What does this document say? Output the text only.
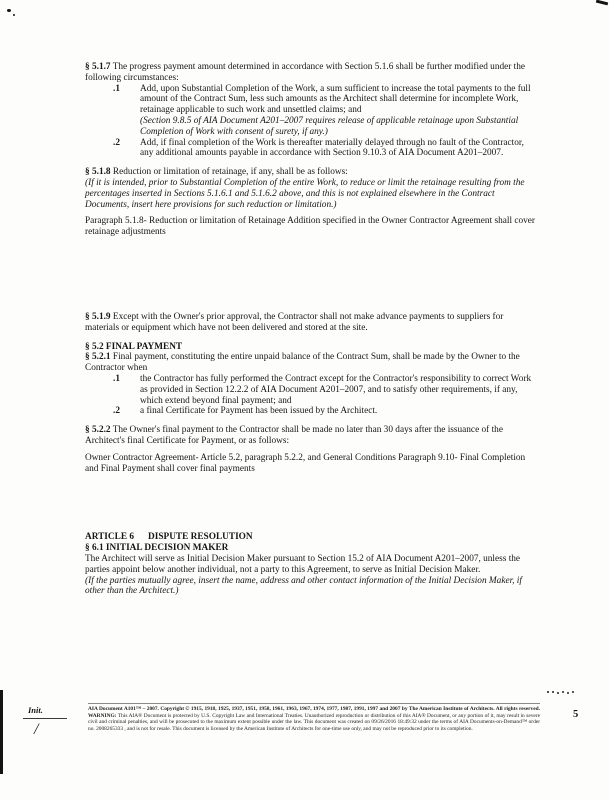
§ 5.1.7 The progress payment amount determined in accordance with Section 5.1.6 shall be further modified under the following circumstances:

.1	Add, upon Substantial Completion of the Work, a sum sufficient to increase the total payments to the full amount of the Contract Sum, less such amounts as the Architect shall determine for incomplete Work, retainage applicable to such work and unsettled claims; and
(Section 9.8.5 of AIA Document A201–2007 requires release of applicable retainage upon Substantial Completion of Work with consent of surety, if any.)
.2	Add, if final completion of the Work is thereafter materially delayed through no fault of the Contractor, any additional amounts payable in accordance with Section 9.10.3 of AIA Document A201–2007.

§ 5.1.8 Reduction or limitation of retainage, if any, shall be as follows:

(If it is intended, prior to Substantial Completion of the entire Work, to reduce or limit the retainage resulting from the percentages inserted in Sections 5.1.6.1 and 5.1.6.2 above, and this is not explained elsewhere in the Contract Documents, insert here provisions for such reduction or limitation.)

Paragraph 5.1.8- Reduction or limitation of Retainage Addition specified in the Owner Contractor Agreement shall cover retainage adjustments

§ 5.1.9 Except with the Owner's prior approval, the Contractor shall not make advance payments to suppliers for materials or equipment which have not been delivered and stored at the site.

§ 5.2 FINAL PAYMENT

§ 5.2.1 Final payment, constituting the entire unpaid balance of the Contract Sum, shall be made by the Owner to the Contractor when

.1	the Contractor has fully performed the Contract except for the Contractor's responsibility to correct Work as provided in Section 12.2.2 of AIA Document A201–2007, and to satisfy other requirements, if any, which extend beyond final payment; and
.2	a final Certificate for Payment has been issued by the Architect.

§ 5.2.2 The Owner's final payment to the Contractor shall be made no later than 30 days after the issuance of the Architect's final Certificate for Payment, or as follows:

Owner Contractor Agreement- Article 5.2, paragraph 5.2.2, and General Conditions Paragraph 9.10- Final Completion and Final Payment shall cover final payments

ARTICLE 6 DISPUTE RESOLUTION

§ 6.1 INITIAL DECISION MAKER

The Architect will serve as Initial Decision Maker pursuant to Section 15.2 of AIA Document A201–2007, unless the parties appoint below another individual, not a party to this Agreement, to serve as Initial Decision Maker.

(If the parties mutually agree, insert the name, address and other contact information of the Initial Decision Maker, if other than the Architect.)

Init.
/
AIA Document A101™ – 2007. Copyright © 1915, 1918, 1925, 1937, 1951, 1958, 1961, 1963, 1967, 1974, 1977, 1987, 1991, 1997 and 2007 by The American Institute of Architects. All rights reserved. WARNING: This AIA® Document is protected by U.S. Copyright Law and International Treaties. Unauthorized reproduction or distribution of this AIA® Document, or any portion of it, may result in severe civil and criminal penalties, and will be prosecuted to the maximum extent possible under the law. This document was created on 09/26/2016 18:49:32 under the terms of AIA Documents-on-Demand™ order no. 2008265333 , and is not for resale. This document is licensed by the American Institute of Architects for one-time use only, and may not be reproduced prior to its completion.
5
